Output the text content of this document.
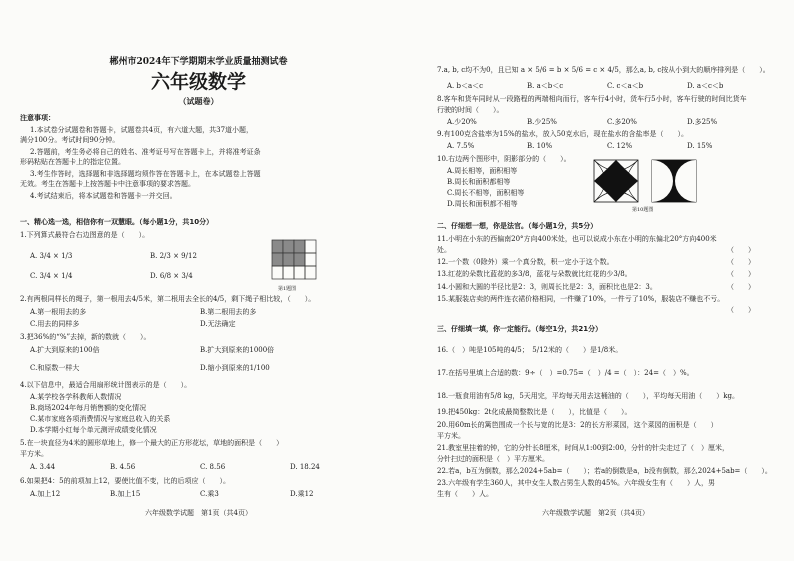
郴州市2024年下学期期末学业质量抽测试卷
六年级数学
（试题卷）
注意事项：
1.本试卷分试题卷和答题卡，试题卷共4页，有六道大题，共37道小题，
满分100分。考试时间90分钟。
2.答题前，考生务必将自己的姓名、准考证号写在答题卡上，并将准考证条
形码粘贴在答题卡上的指定位置。
3.考生作答时，选择题和非选择题均须作答在答题卡上，在本试题卷上答题
无效。考生在答题卡上按答题卡中注意事项的要求答题。
4.考试结束后，将本试题卷和答题卡一并交回。
一、精心选一选，相信你有一双慧眼。（每小题1分，共10分）
1.下列算式最符合右边图意的是（　　）。
A. 3/4 × 1/3	B. 2/3 × 9/12
C. 3/4 × 1/4	D. 6/8 × 3/4
第1题图
2.有两根同样长的绳子，第一根用去4/5米，第二根用去全长的4/5，剩下绳子相比较，（　　）。
A.第一根用去的多	B.第二根用去的多
C.用去的同样多	D.无法确定
3.把36%的“%”去掉，新的数就（　　）。
A.扩大到原来的100倍	B.扩大到原来的1000倍
C.和原数一样大	D.缩小到原来的1/100
4.以下信息中，最适合用扇形统计图表示的是（　　）。
A.某学校各学科教师人数情况
B.商场2024年每月销售额的变化情况
C.某市家庭各项消费情况与家庭总收入的关系
D.本学期小红每个单元测评成绩变化情况
5.在一块直径为4米的圆形草地上，修一个最大的正方形花坛，草地的面积是（　　）
平方米。
A. 3.44	B. 4.56	C. 8.56	D. 18.24
6.如果把4：5的前项加上12，要使比值不变，比的后项应（　　）。
A.加上12	B.加上15	C.乘3	D.乘12
六年级数学试题　第1页（共4页）
7.a, b, c均不为0，且已知 a × 5/6 = b × 5/6 = c × 4/5，那么a, b, c按从小到大的顺序排列是（　　）。
A. b＜a＜c	B. a＜b＜c	C. c＜a＜b	D. a＜c＜b
8.客车和货车同时从一段路程的两端相向而行，客车行4小时，货车行5小时，客车行驶的时间比货车
行驶的时间（　　）。
A.少20%	B.少25%	C.多20%	D.多25%
9.有100克含盐率为15%的盐水，放入50克水后，现在盐水的含盐率是（　　）。
A. 7.5%	B. 10%	C. 12%	D. 15%
10.右边两个图形中，阴影部分的（　　）。
A.周长相等，面积相等
B.周长和面积都相等
C.周长不相等，面积相等
D.周长和面积都不相等
第10题图
二、仔细想一想，你是法官。（每小题1分，共5分）
11.小明在小东的西偏南20°方向400米处，也可以说成小东在小明的东偏北20°方向400米
处。	（　　）
12.一个数（0除外）乘一个真分数，积一定小于这个数。	（　　）
13.红花的朵数比蓝花的多3/8，蓝花与朵数就比红花的少3/8。	（　　）
14.小圆和大圆的半径比是2：3，则周长比是2：3，面积比也是2：3。	（　　）
15.某服装店卖的两件连衣裙价格相同，一件赚了10%，一件亏了10%，服装店不赚也不亏。
（　　）
三、仔细填一填，你一定能行。（每空1分，共21分）
16.（　）吨是105吨的4/5；　5/12米的（　　）是1/8米。
17.在括号里填上合适的数：9÷（　）=0.75=（　）/4 =（　）：24=（　）%。
18.一瓶食用油有5/8 kg，5天用完，平均每天用去这桶油的（　　），平均每天用油（　　）kg。
19.把450kg：2t化成最简整数比是（　　），比值是（　　）。
20.用60m长的篱笆围成一个长与宽的比是3：2的长方形菜园，这个菜园的面积是（　　）
平方米。
21.教室里挂着的钟，它的分针长8厘米，时间从1:00到2:00，分针的针尖走过了（　）厘米，
分针扫过的面积是（　）平方厘米。
22.若a，b互为倒数，那么2024+5ab=（　　）；若a的倒数是a，b没有倒数，那么2024+5ab=（　　）。
23.六年级有学生360人，其中女生人数占男生人数的45%。六年级女生有（　　）人，男
生有（　　）人。
六年级数学试题　第2页（共4页）
